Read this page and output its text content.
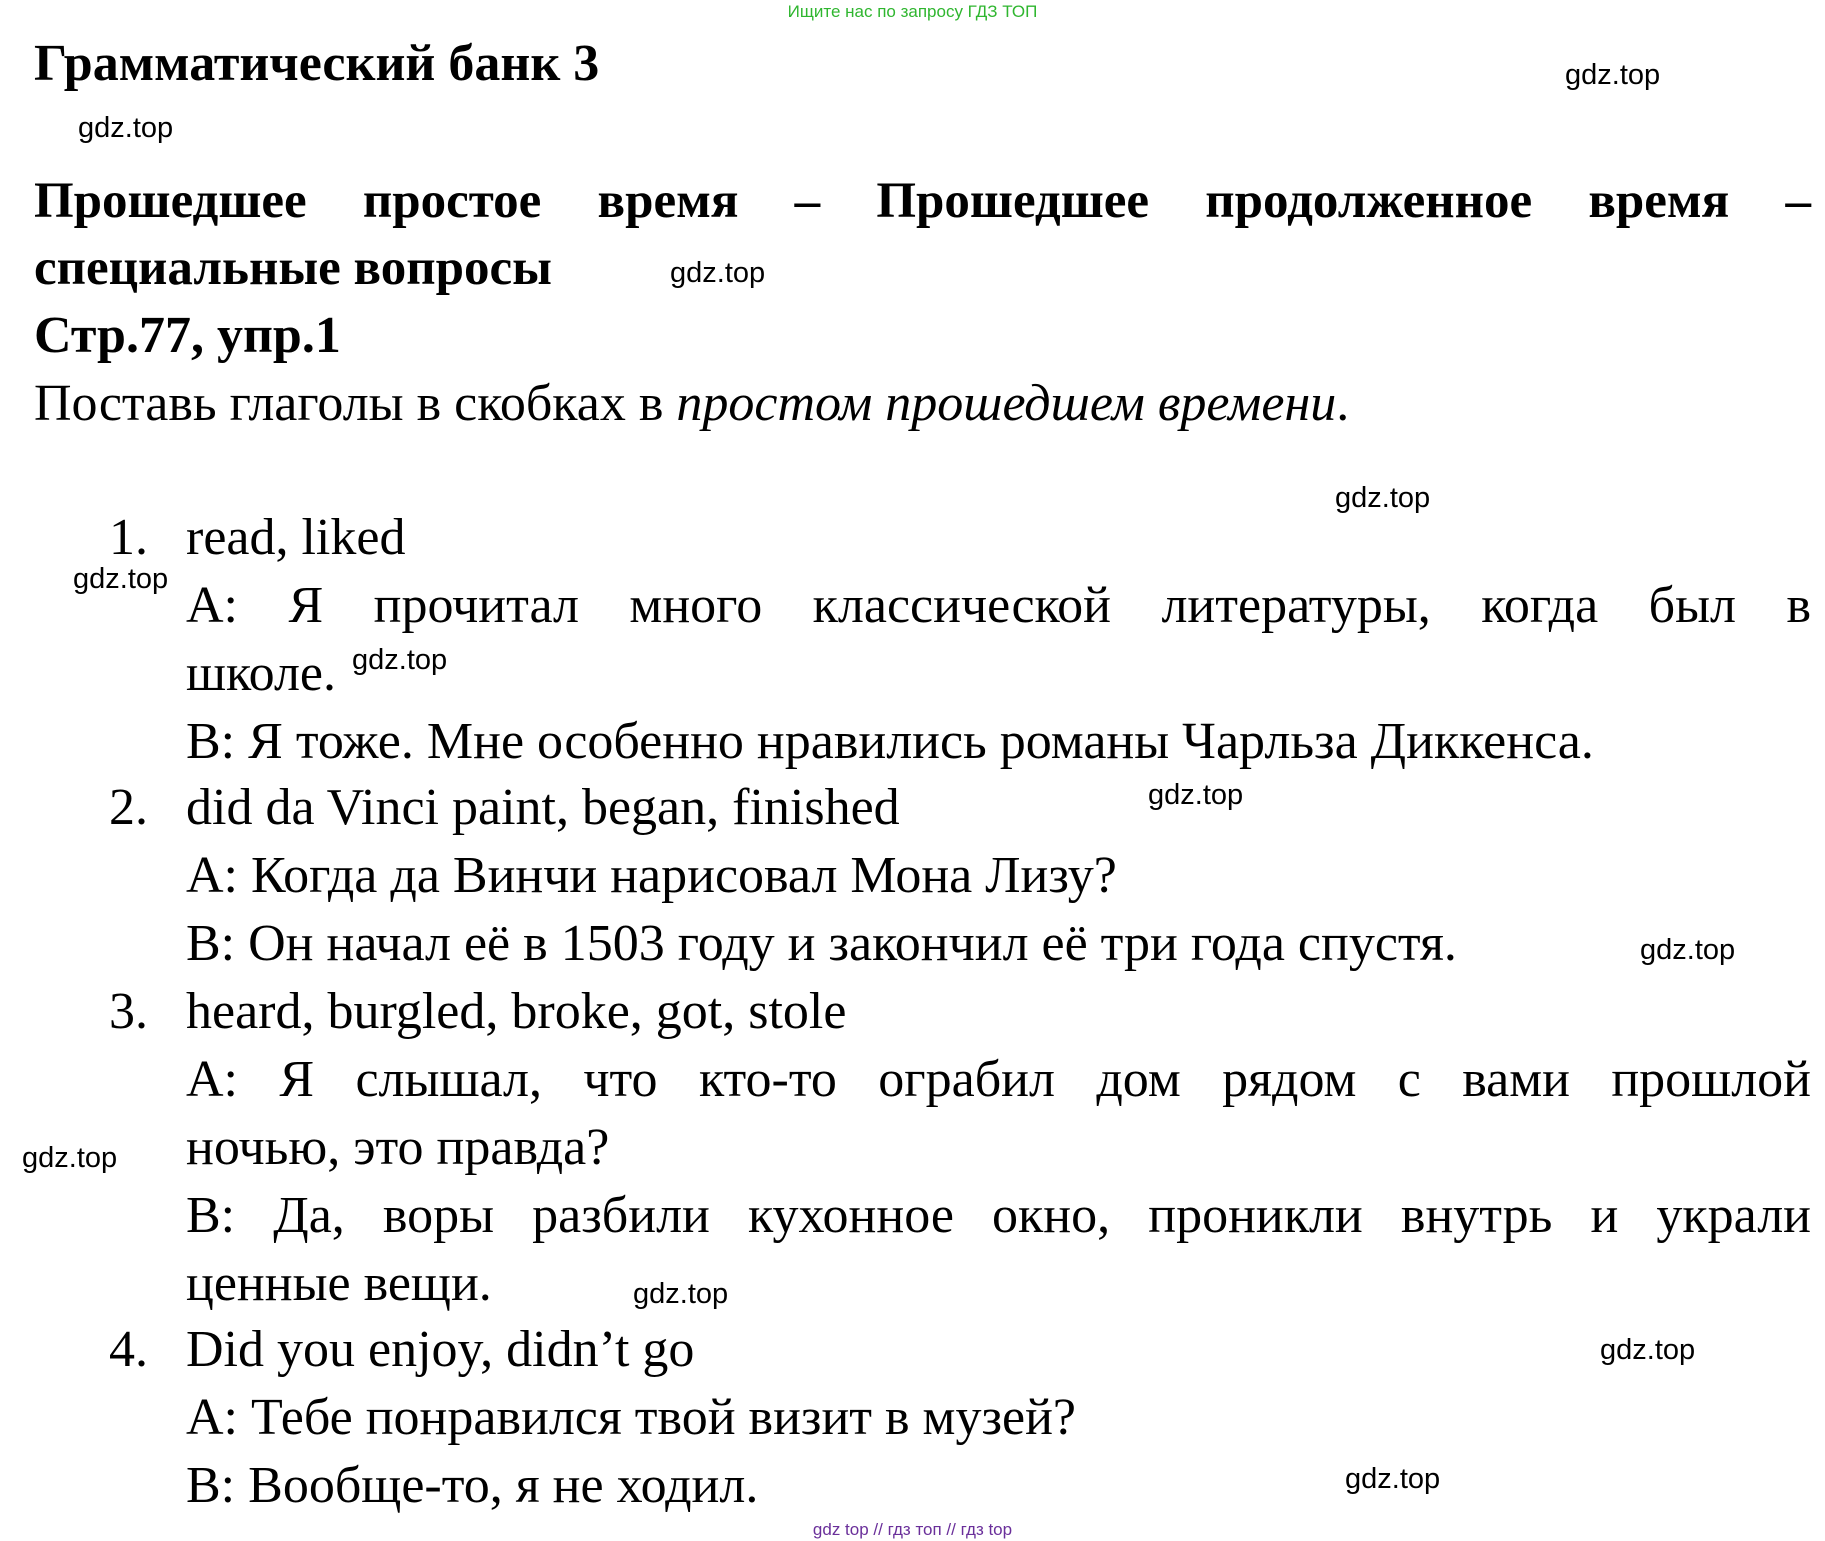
Ищите нас по запросу ГДЗ ТОП
Грамматический банк 3
Прошедшее простое время – Прошедшее продолженное время –
специальные вопросы
Стр.77, упр.1
Поставь глаголы в скобках в простом прошедшем времени.
1. read, liked
А: Я прочитал много классической литературы, когда был в
школе.
В: Я тоже. Мне особенно нравились романы Чарльза Диккенса.
2. did da Vinci paint, began, finished
А: Когда да Винчи нарисовал Мона Лизу?
В: Он начал её в 1503 году и закончил её три года спустя.
3. heard, burgled, broke, got, stole
А: Я слышал, что кто-то ограбил дом рядом с вами прошлой
ночью, это правда?
В: Да, воры разбили кухонное окно, проникли внутрь и украли
ценные вещи.
4. Did you enjoy, didn’t go
А: Тебе понравился твой визит в музей?
В: Вообще-то, я не ходил.
gdz.top
gdz.top
gdz.top
gdz.top
gdz.top
gdz.top
gdz.top
gdz.top
gdz.top
gdz.top
gdz.top
gdz.top
gdz top // гдз топ // гдз top
